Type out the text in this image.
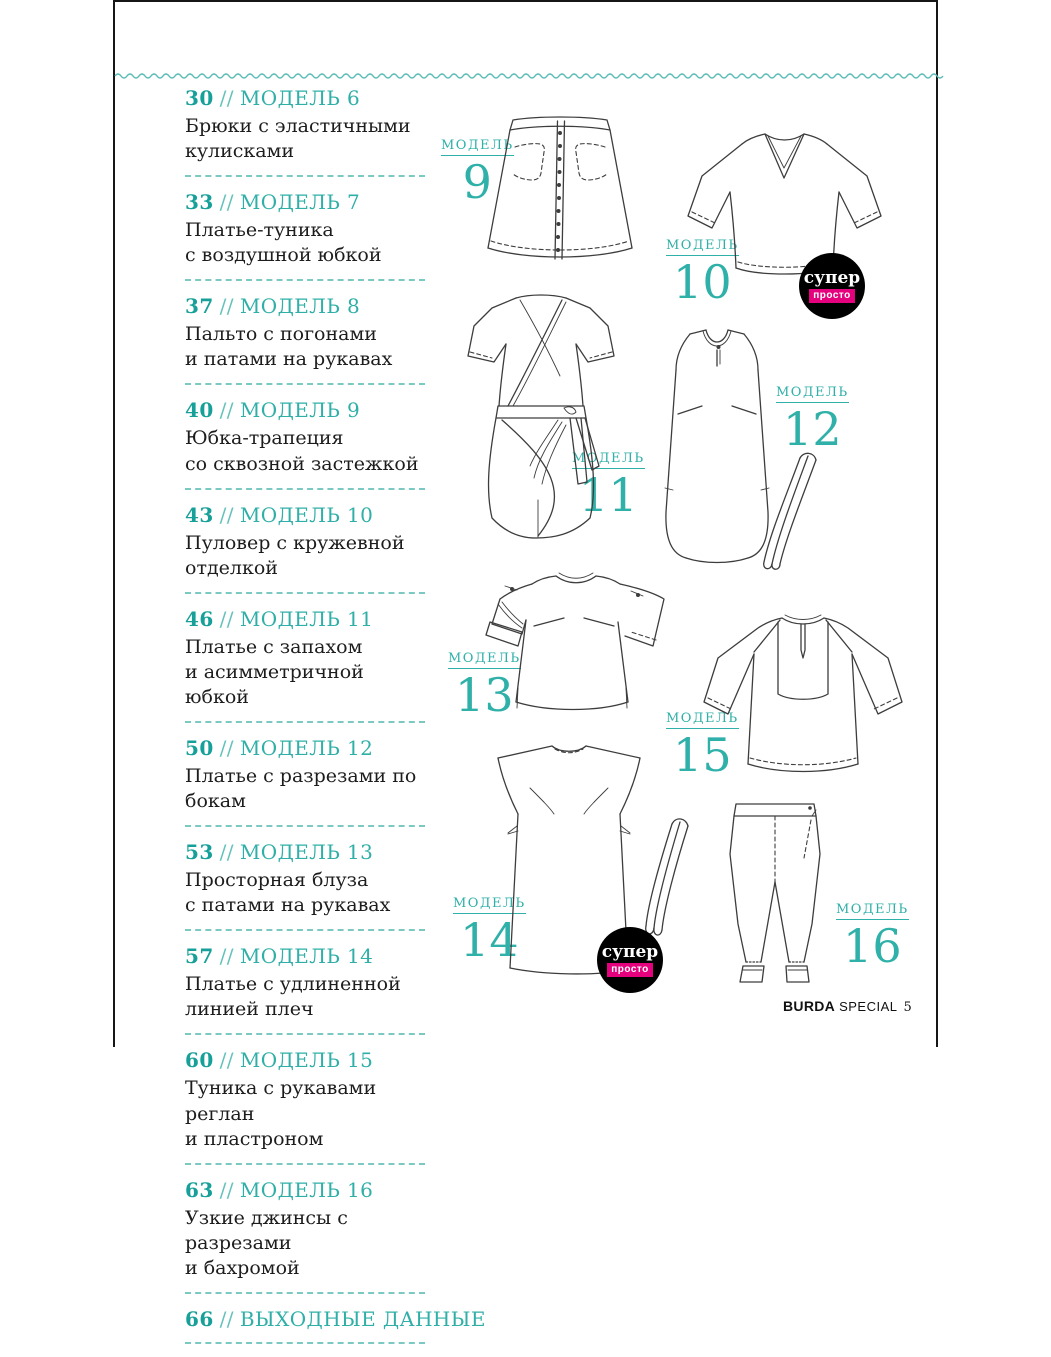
30 // МОДЕЛЬ 6
Брюки с эластичными
кулисками
33 // МОДЕЛЬ 7
Платье-туника
с воздушной юбкой
37 // МОДЕЛЬ 8
Пальто с погонами
и патами на рукавах
40 // МОДЕЛЬ 9
Юбка-трапеция
со сквозной застежкой
43 // МОДЕЛЬ 10
Пуловер с кружевной отделкой
46 // МОДЕЛЬ 11
Платье с запахом
и асимметричной юбкой
50 // МОДЕЛЬ 12
Платье с разрезами по бокам
53 // МОДЕЛЬ 13
Просторная блуза
с патами на рукавах
57 // МОДЕЛЬ 14
Платье с удлиненной
линией плеч
60 // МОДЕЛЬ 15
Туника с рукавами реглан
и пластроном
63 // МОДЕЛЬ 16
Узкие джинсы с разрезами
и бахромой
66 // ВЫХОДНЫЕ ДАННЫЕ
МОДЕЛЬ
9
МОДЕЛЬ
10
МОДЕЛЬ
11
МОДЕЛЬ
12
МОДЕЛЬ
13	МОДЕЛЬ
15
МОДЕЛЬ
14
МОДЕЛЬ
16
супер
просто
супер
просто
BURDA SPECIAL 5
